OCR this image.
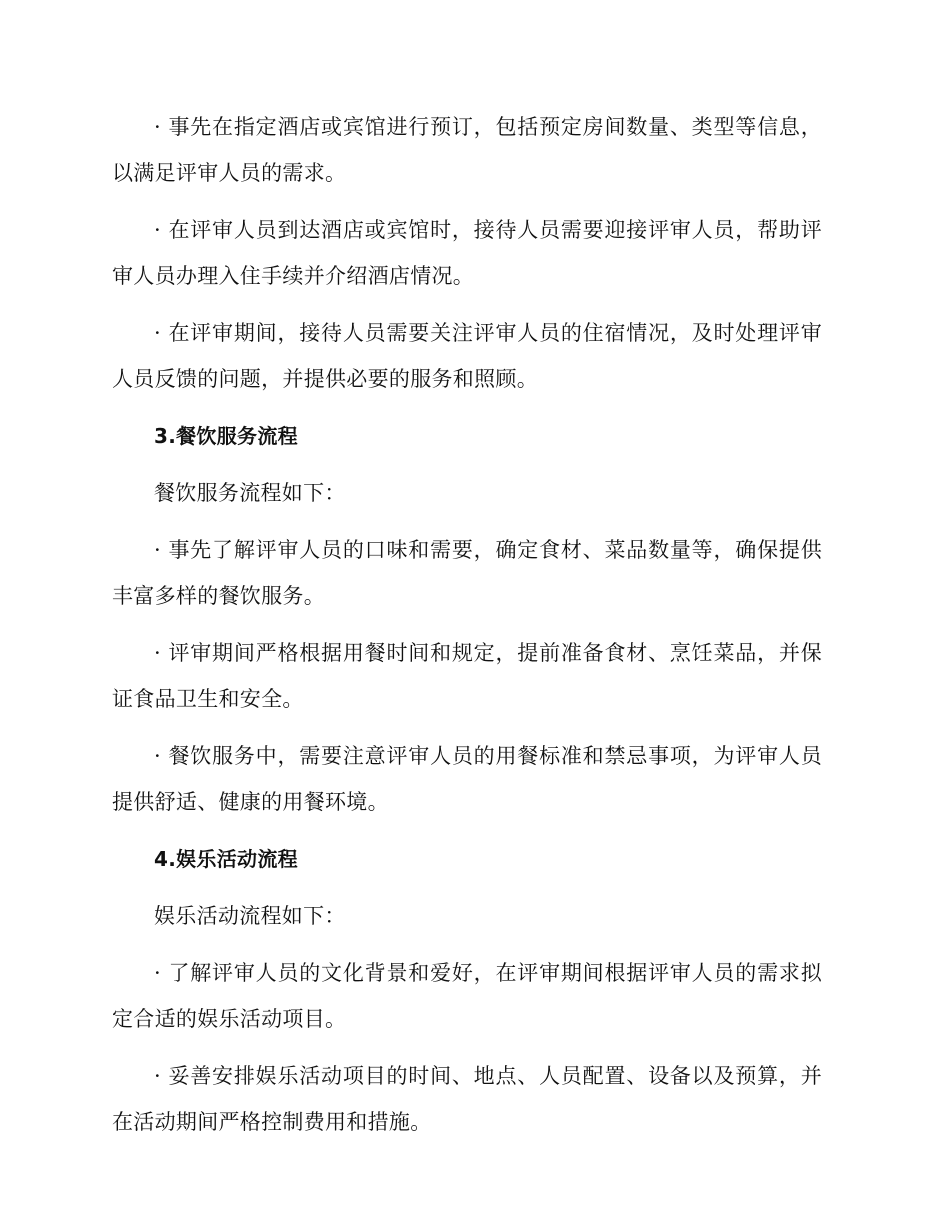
· 事先在指定酒店或宾馆进行预订，包括预定房间数量、类型等信息，以满足评审人员的需求。

· 在评审人员到达酒店或宾馆时，接待人员需要迎接评审人员，帮助评审人员办理入住手续并介绍酒店情况。

· 在评审期间，接待人员需要关注评审人员的住宿情况，及时处理评审人员反馈的问题，并提供必要的服务和照顾。

3.餐饮服务流程

餐饮服务流程如下：

· 事先了解评审人员的口味和需要，确定食材、菜品数量等，确保提供丰富多样的餐饮服务。

· 评审期间严格根据用餐时间和规定，提前准备食材、烹饪菜品，并保证食品卫生和安全。

· 餐饮服务中，需要注意评审人员的用餐标准和禁忌事项，为评审人员提供舒适、健康的用餐环境。

4.娱乐活动流程

娱乐活动流程如下：

· 了解评审人员的文化背景和爱好，在评审期间根据评审人员的需求拟定合适的娱乐活动项目。

· 妥善安排娱乐活动项目的时间、地点、人员配置、设备以及预算，并在活动期间严格控制费用和措施。
